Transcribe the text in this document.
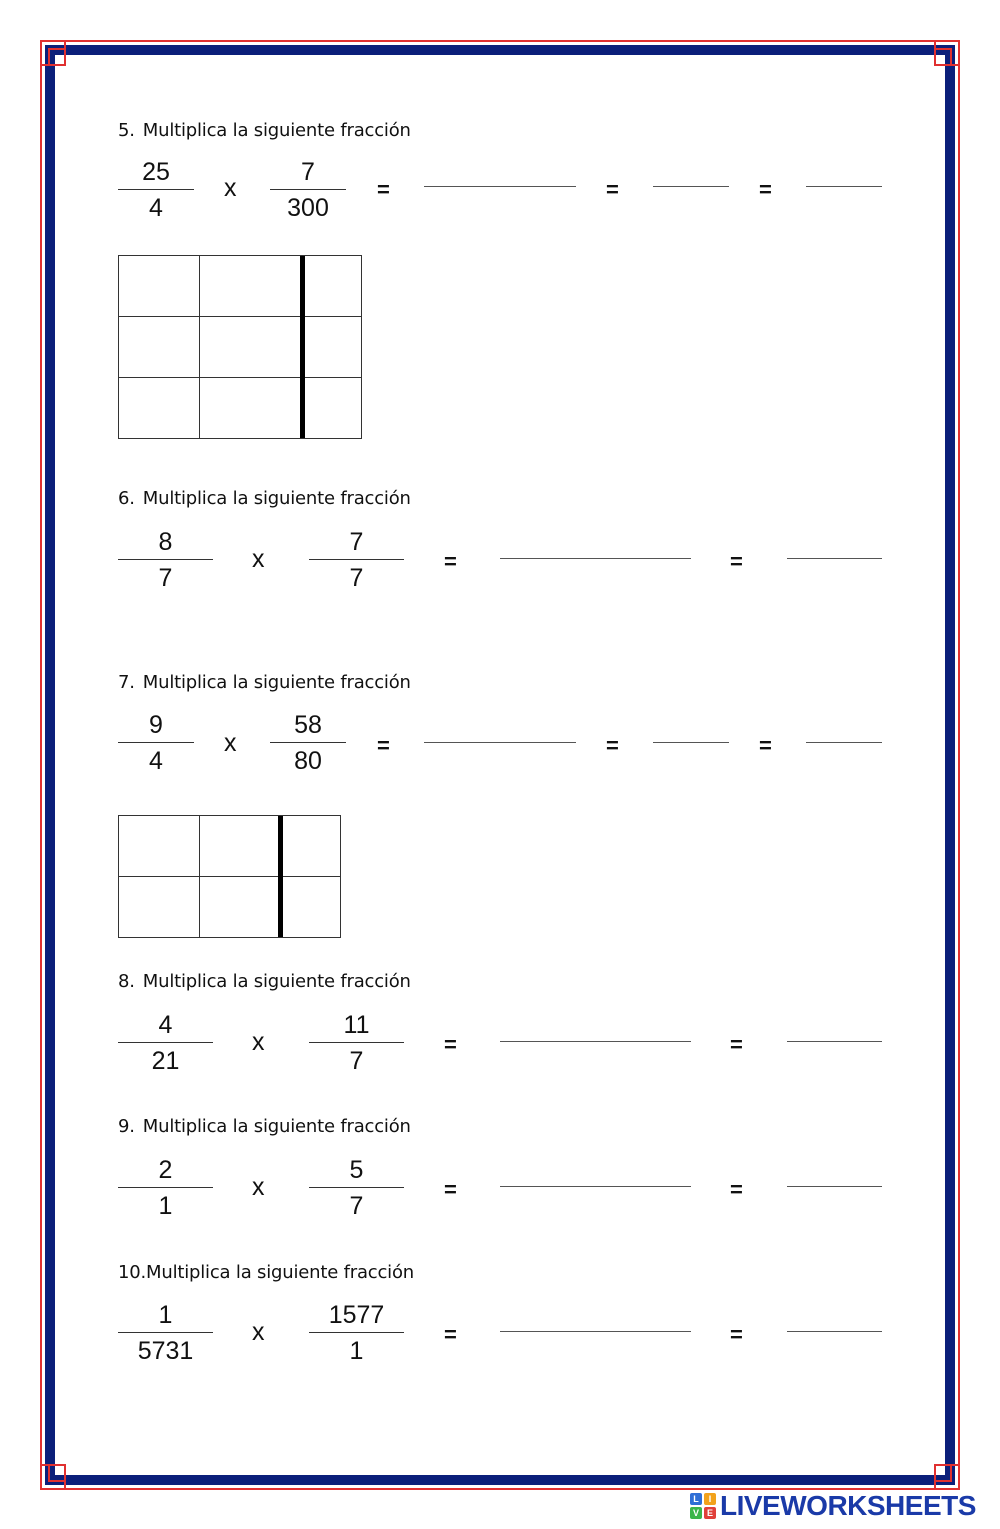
5. Multiplica la siguiente fracción
25
4
x
7
300
=	=	=
6. Multiplica la siguiente fracción
8
7
x
7
7
=	=
7. Multiplica la siguiente fracción
9
4
x
58
80
=	=	=
8. Multiplica la siguiente fracción
4
21
x
11
7
=	=
9. Multiplica la siguiente fracción
2
1
x
5
7
=	=
10.Multiplica la siguiente fracción
1
5731
x
1577
1
=	=
L	I
V E LIVEWORKSHEETS
